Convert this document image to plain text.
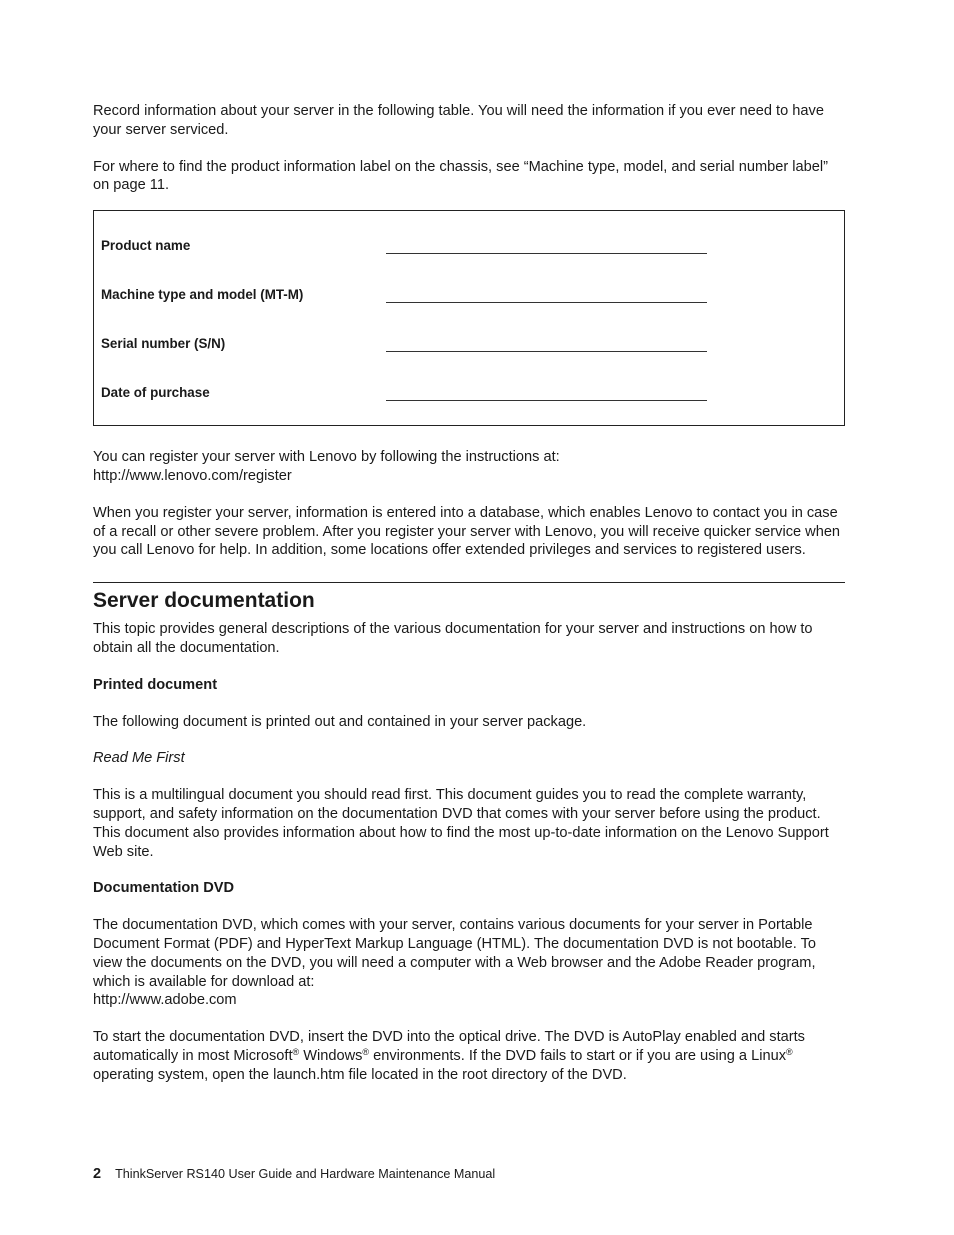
Record information about your server in the following table. You will need the information if you ever need to have your server serviced.

For where to find the product information label on the chassis, see “Machine type, model, and serial number label” on page 11.

Product name
Machine type and model (MT-M)
Serial number (S/N)
Date of purchase

You can register your server with Lenovo by following the instructions at:
http://www.lenovo.com/register

When you register your server, information is entered into a database, which enables Lenovo to contact you in case of a recall or other severe problem. After you register your server with Lenovo, you will receive quicker service when you call Lenovo for help. In addition, some locations offer extended privileges and services to registered users.

Server documentation

This topic provides general descriptions of the various documentation for your server and instructions on how to obtain all the documentation.

Printed document

The following document is printed out and contained in your server package.

Read Me First

This is a multilingual document you should read first. This document guides you to read the complete warranty, support, and safety information on the documentation DVD that comes with your server before using the product. This document also provides information about how to find the most up-to-date information on the Lenovo Support Web site.

Documentation DVD

The documentation DVD, which comes with your server, contains various documents for your server in Portable Document Format (PDF) and HyperText Markup Language (HTML). The documentation DVD is not bootable. To view the documents on the DVD, you will need a computer with a Web browser and the Adobe Reader program, which is available for download at:
http://www.adobe.com

To start the documentation DVD, insert the DVD into the optical drive. The DVD is AutoPlay enabled and starts automatically in most Microsoft® Windows® environments. If the DVD fails to start or if you are using a Linux® operating system, open the launch.htm file located in the root directory of the DVD.

2 ThinkServer RS140 User Guide and Hardware Maintenance Manual
